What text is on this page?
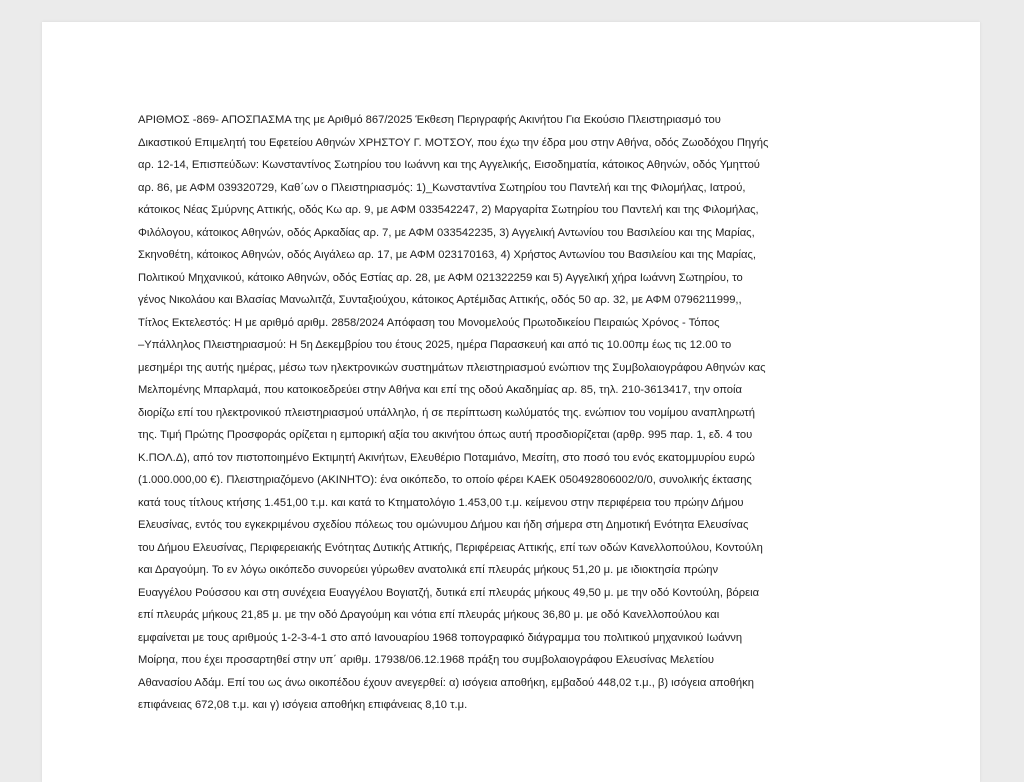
ΑΡΙΘΜΟΣ -869- ΑΠΟΣΠΑΣΜΑ της με Αριθμό 867/2025 Έκθεση Περιγραφής Ακινήτου Για Εκούσιο Πλειστηριασμό του
Δικαστικού Επιμελητή του Εφετείου Αθηνών ΧΡΗΣΤΟΥ Γ. ΜΟΤΣΟΥ, που έχω την έδρα μου στην Αθήνα, οδός Ζωοδόχου Πηγής
αρ. 12-14, Επισπεύδων: Κωνσταντίνος Σωτηρίου του Ιωάννη και της Αγγελικής, Εισοδηματία, κάτοικος Αθηνών, οδός Υμηττού
αρ. 86, με ΑΦΜ 039320729, Καθ΄ων ο Πλειστηριασμός: 1)_Κωνσταντίνα Σωτηρίου του Παντελή και της Φιλομήλας, Ιατρού,
κάτοικος Νέας Σμύρνης Αττικής, οδός Κω αρ. 9, με ΑΦΜ 033542247, 2) Μαργαρίτα Σωτηρίου του Παντελή και της Φιλομήλας,
Φιλόλογου, κάτοικος Αθηνών, οδός Αρκαδίας αρ. 7, με ΑΦΜ 033542235, 3) Αγγελική Αντωνίου του Βασιλείου και της Μαρίας,
Σκηνοθέτη, κάτοικος Αθηνών, οδός Αιγάλεω αρ. 17, με ΑΦΜ 023170163, 4) Χρήστος Αντωνίου του Βασιλείου και της Μαρίας,
Πολιτικού Μηχανικού, κάτοικο Αθηνών, οδός Εστίας αρ. 28, με ΑΦΜ 021322259 και 5) Αγγελική χήρα Ιωάννη Σωτηρίου, το
γένος Νικολάου και Βλασίας Μανωλιτζά, Συνταξιούχου, κάτοικος Αρτέμιδας Αττικής, οδός 50 αρ. 32, με ΑΦΜ 0796211999,,
Τίτλος Εκτελεστός: Η με αριθμό αριθμ. 2858/2024 Απόφαση του Μονομελούς Πρωτοδικείου Πειραιώς Χρόνος - Τόπος
–Υπάλληλος Πλειστηριασμού: Η 5η Δεκεμβρίου του έτους 2025, ημέρα Παρασκευή και από τις 10.00πμ έως τις 12.00 το
μεσημέρι της αυτής ημέρας, μέσω των ηλεκτρονικών συστημάτων πλειστηριασμού ενώπιον της Συμβολαιογράφου Αθηνών κας
Μελπομένης Μπαρλαμά, που κατοικοεδρεύει στην Αθήνα και επί της οδού Ακαδημίας αρ. 85, τηλ. 210-3613417, την οποία
διορίζω επί του ηλεκτρονικού πλειστηριασμού υπάλληλο, ή σε περίπτωση κωλύματός της. ενώπιον του νομίμου αναπληρωτή
της. Τιμή Πρώτης Προσφοράς ορίζεται η εμπορική αξία του ακινήτου όπως αυτή προσδιορίζεται (αρθρ. 995 παρ. 1, εδ. 4 του
Κ.ΠΟΛ.Δ), από τον πιστοποιημένο Εκτιμητή Ακινήτων, Ελευθέριο Ποταμιάνο, Μεσίτη, στο ποσό του ενός εκατομμυρίου ευρώ
(1.000.000,00 €). Πλειστηριαζόμενο (ΑΚΙΝΗΤΟ): ένα οικόπεδο, το οποίο φέρει ΚΑΕΚ 050492806002/0/0, συνολικής έκτασης
κατά τους τίτλους κτήσης 1.451,00 τ.μ. και κατά το Κτηματολόγιο 1.453,00 τ.μ. κείμενου στην περιφέρεια του πρώην Δήμου
Ελευσίνας, εντός του εγκεκριμένου σχεδίου πόλεως του ομώνυμου Δήμου και ήδη σήμερα στη Δημοτική Ενότητα Ελευσίνας
του Δήμου Ελευσίνας, Περιφερειακής Ενότητας Δυτικής Αττικής, Περιφέρειας Αττικής, επί των οδών Κανελλοπούλου, Κοντούλη
και Δραγούμη. Το εν λόγω οικόπεδο συνορεύει γύρωθεν ανατολικά επί πλευράς μήκους 51,20 μ. με ιδιοκτησία πρώην
Ευαγγέλου Ρούσσου και στη συνέχεια Ευαγγέλου Βογιατζή, δυτικά επί πλευράς μήκους 49,50 μ. με την οδό Κοντούλη, βόρεια
επί πλευράς μήκους 21,85 μ. με την οδό Δραγούμη και νότια επί πλευράς μήκους 36,80 μ. με οδό Κανελλοπούλου και
εμφαίνεται με τους αριθμούς 1-2-3-4-1 στο από Ιανουαρίου 1968 τοπογραφικό διάγραμμα του πολιτικού μηχανικού Ιωάννη
Μοίρηα, που έχει προσαρτηθεί στην υπ΄ αριθμ. 17938/06.12.1968 πράξη του συμβολαιογράφου Ελευσίνας Μελετίου
Αθανασίου Αδάμ. Επί του ως άνω οικοπέδου έχουν ανεγερθεί: α) ισόγεια αποθήκη, εμβαδού 448,02 τ.μ., β) ισόγεια αποθήκη
επιφάνειας 672,08 τ.μ. και γ) ισόγεια αποθήκη επιφάνειας 8,10 τ.μ.
